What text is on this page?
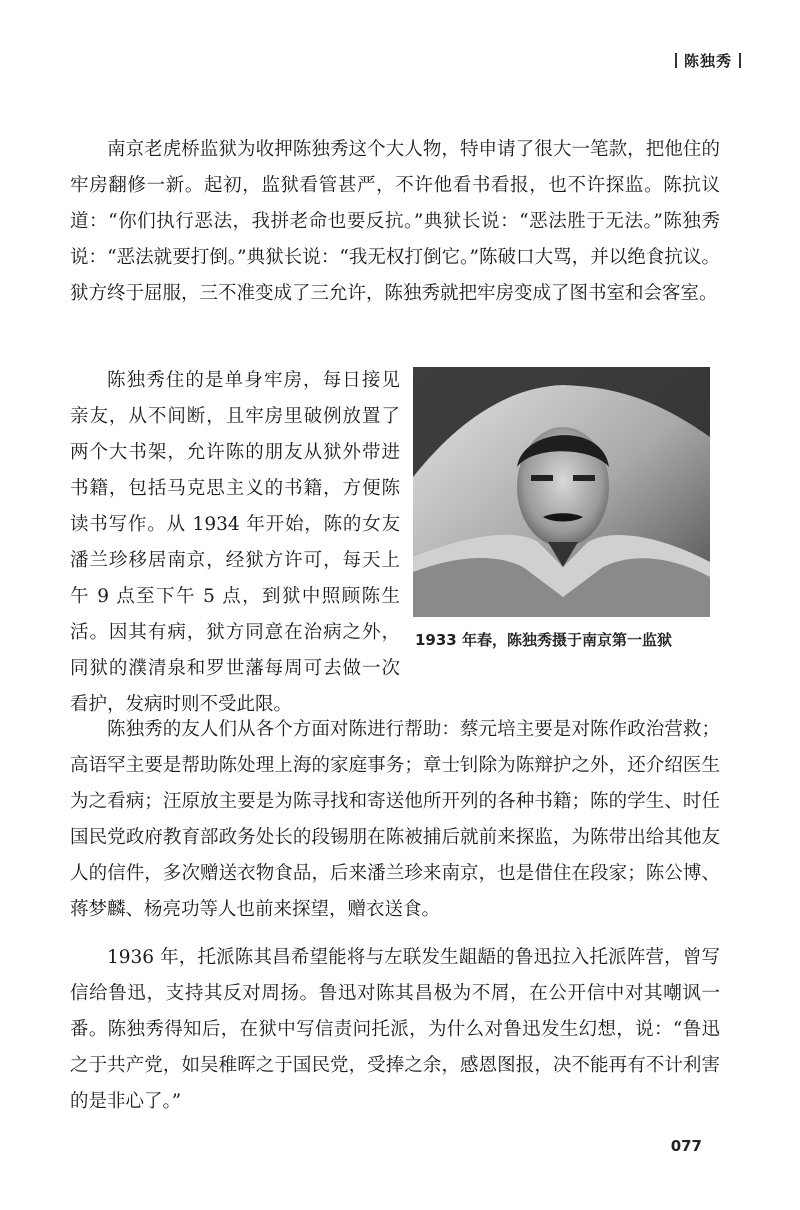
陈独秀

南京老虎桥监狱为收押陈独秀这个大人物，特申请了很大一笔款，把他住的牢房翻修一新。起初，监狱看管甚严，不许他看书看报，也不许探监。陈抗议道：“你们执行恶法，我拼老命也要反抗。”典狱长说：“恶法胜于无法。”陈独秀说：“恶法就要打倒。”典狱长说：“我无权打倒它。”陈破口大骂，并以绝食抗议。狱方终于屈服，三不准变成了三允许，陈独秀就把牢房变成了图书室和会客室。

陈独秀住的是单身牢房，每日接见亲友，从不间断，且牢房里破例放置了两个大书架，允许陈的朋友从狱外带进书籍，包括马克思主义的书籍，方便陈读书写作。从 1934 年开始，陈的女友潘兰珍移居南京，经狱方许可，每天上午 9 点至下午 5 点，到狱中照顾陈生活。因其有病，狱方同意在治病之外，同狱的濮清泉和罗世藩每周可去做一次看护，发病时则不受此限。

1933 年春，陈独秀摄于南京第一监狱

陈独秀的友人们从各个方面对陈进行帮助：蔡元培主要是对陈作政治营救；高语罕主要是帮助陈处理上海的家庭事务；章士钊除为陈辩护之外，还介绍医生为之看病；汪原放主要是为陈寻找和寄送他所开列的各种书籍；陈的学生、时任国民党政府教育部政务处长的段锡朋在陈被捕后就前来探监，为陈带出给其他友人的信件，多次赠送衣物食品，后来潘兰珍来南京，也是借住在段家；陈公博、蒋梦麟、杨亮功等人也前来探望，赠衣送食。

1936 年，托派陈其昌希望能将与左联发生龃龉的鲁迅拉入托派阵营，曾写信给鲁迅，支持其反对周扬。鲁迅对陈其昌极为不屑，在公开信中对其嘲讽一番。陈独秀得知后，在狱中写信责问托派，为什么对鲁迅发生幻想，说：“鲁迅之于共产党，如吴稚晖之于国民党，受捧之余，感恩图报，决不能再有不计利害的是非心了。”

077
